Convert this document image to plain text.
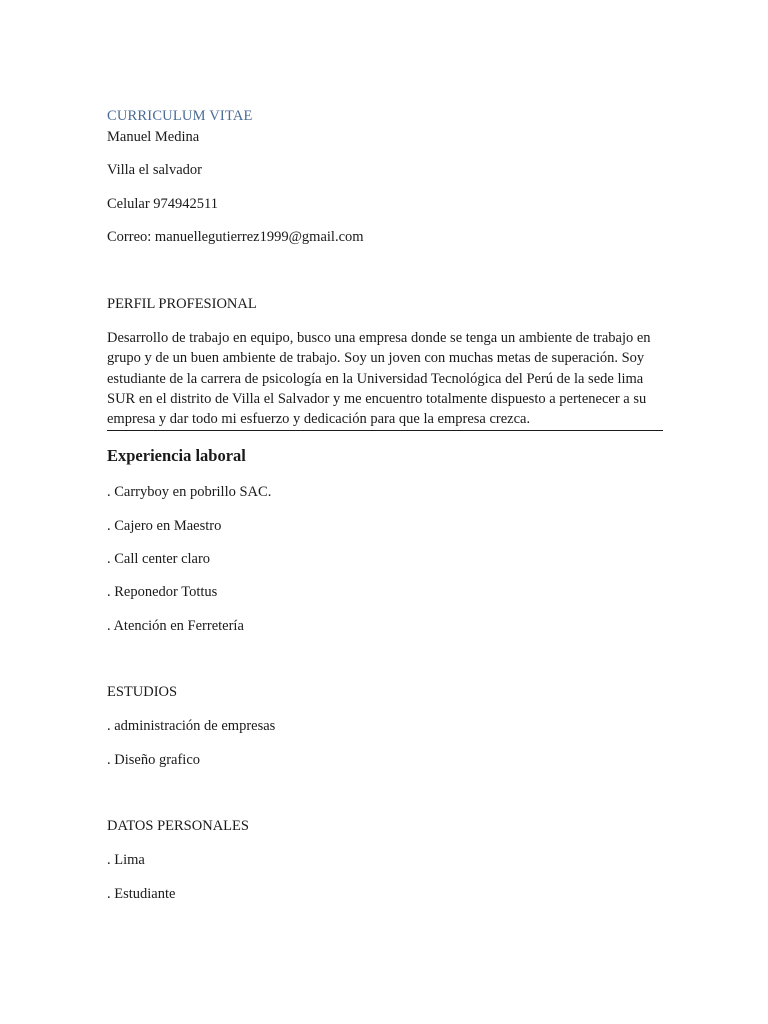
CURRICULUM VITAE
Manuel Medina
Villa el salvador
Celular 974942511
Correo: manuellegutierrez1999@gmail.com
PERFIL PROFESIONAL
Desarrollo de trabajo en equipo, busco una empresa donde se tenga un ambiente de trabajo en grupo y de un buen ambiente de trabajo. Soy un joven con muchas metas de superación. Soy estudiante de la carrera de psicología en la Universidad Tecnológica del Perú de la sede lima SUR en el distrito de Villa el Salvador y me encuentro totalmente dispuesto a pertenecer a su empresa y dar todo mi esfuerzo y dedicación para que la empresa crezca.
Experiencia laboral
. Carryboy en pobrillo SAC.
. Cajero en Maestro
. Call center claro
. Reponedor Tottus
. Atención en Ferretería
ESTUDIOS
. administración de empresas
. Diseño grafico
DATOS PERSONALES
. Lima
. Estudiante
